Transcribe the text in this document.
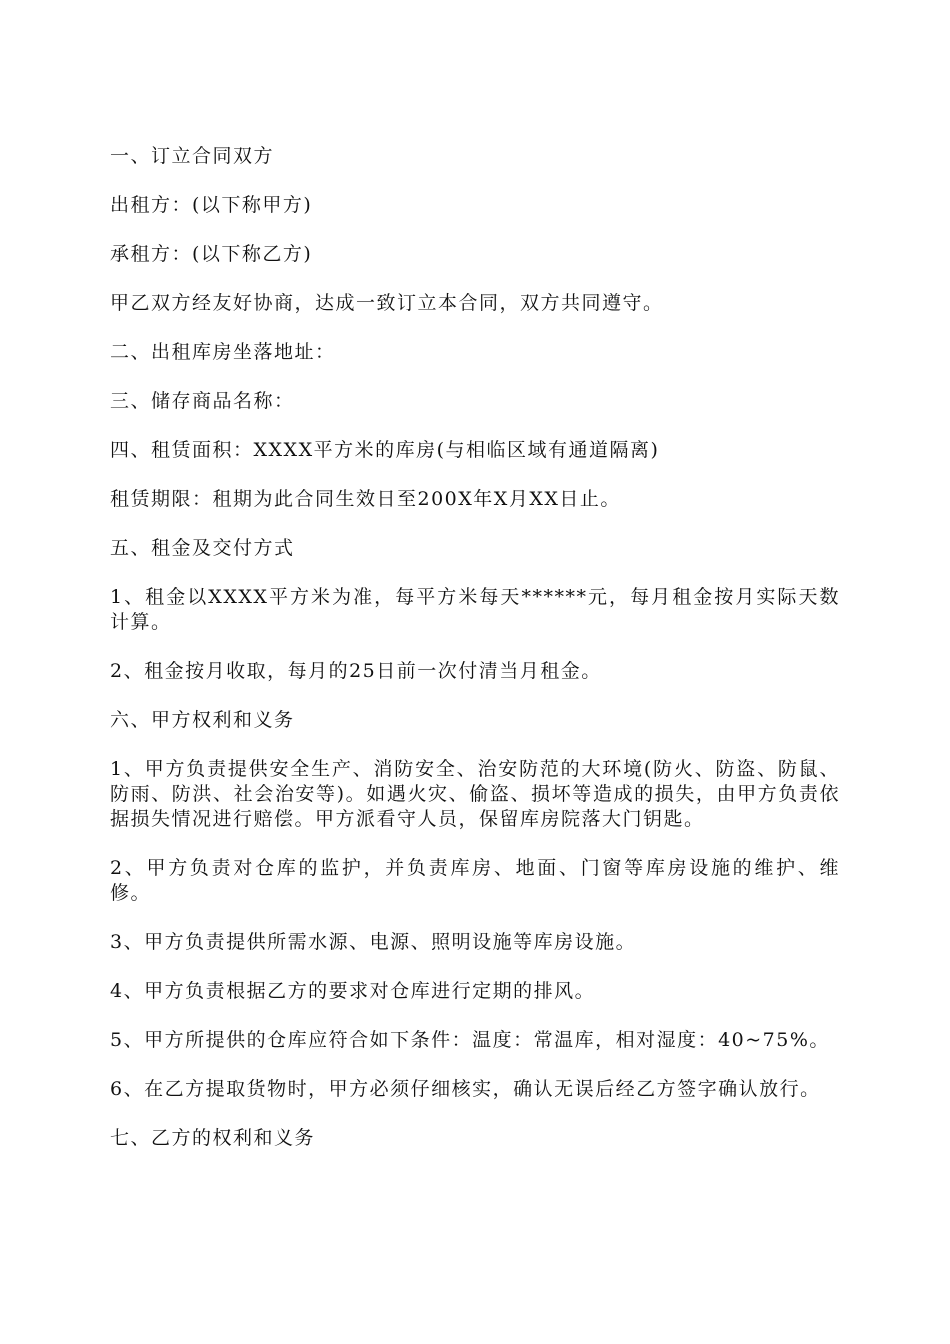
一、订立合同双方

出租方：(以下称甲方)

承租方：(以下称乙方)

甲乙双方经友好协商，达成一致订立本合同，双方共同遵守。

二、出租库房坐落地址：

三、储存商品名称：

四、租赁面积：XXXX平方米的库房(与相临区域有通道隔离)

租赁期限：租期为此合同生效日至200X年X月XX日止。

五、租金及交付方式

1、租金以XXXX平方米为准，每平方米每天******元，每月租金按月实际天数计算。

2、租金按月收取，每月的25日前一次付清当月租金。

六、甲方权利和义务

1、甲方负责提供安全生产、消防安全、治安防范的大环境(防火、防盗、防鼠、防雨、防洪、社会治安等)。如遇火灾、偷盗、损坏等造成的损失，由甲方负责依据损失情况进行赔偿。甲方派看守人员，保留库房院落大门钥匙。

2、甲方负责对仓库的监护，并负责库房、地面、门窗等库房设施的维护、维修。

3、甲方负责提供所需水源、电源、照明设施等库房设施。

4、甲方负责根据乙方的要求对仓库进行定期的排风。

5、甲方所提供的仓库应符合如下条件：温度：常温库，相对湿度：40~75%。

6、在乙方提取货物时，甲方必须仔细核实，确认无误后经乙方签字确认放行。

七、乙方的权利和义务
